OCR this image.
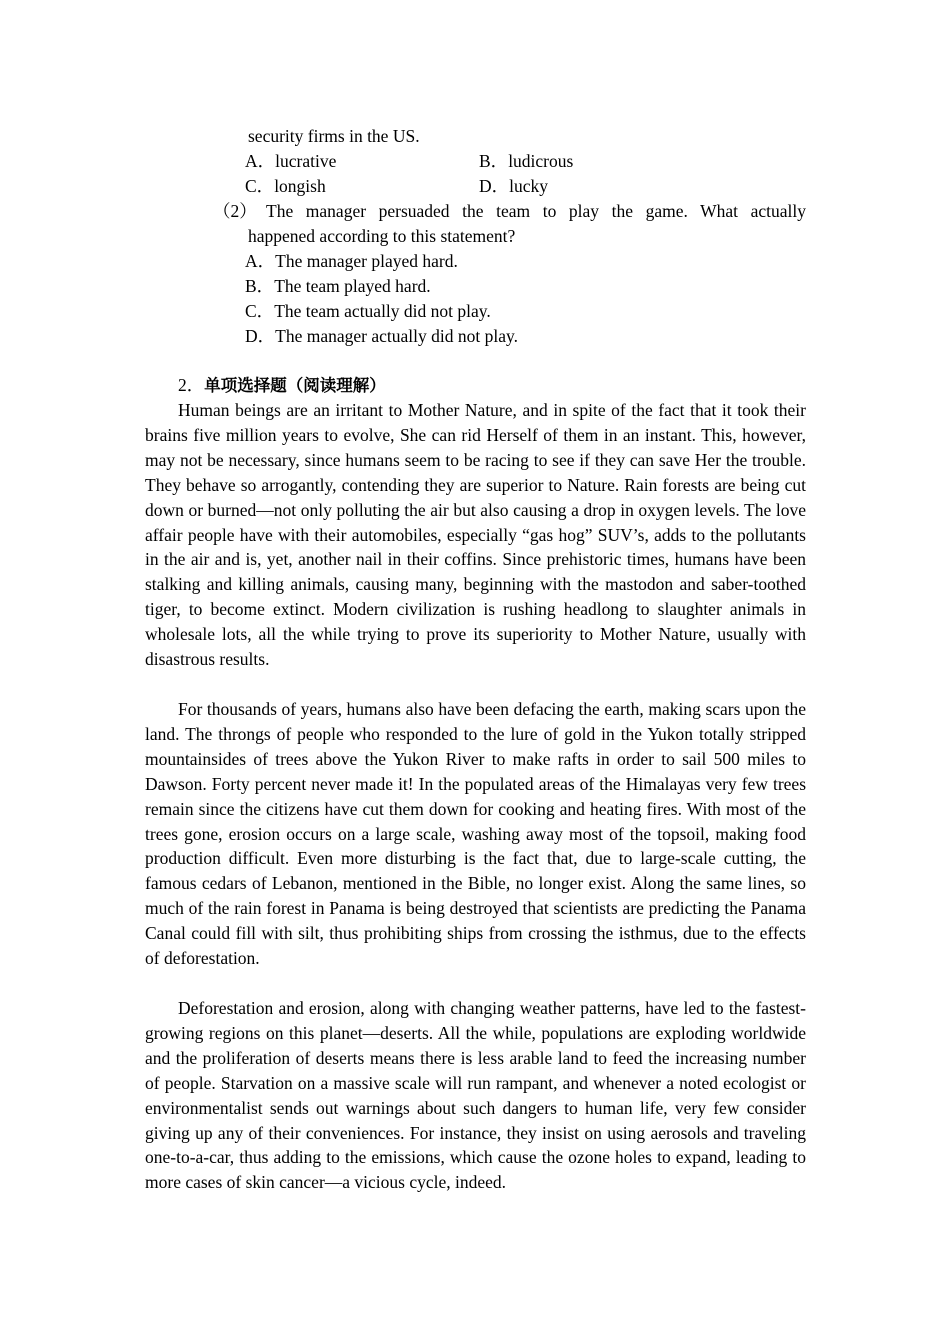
security firms in the US.
A．lucrative	B．ludicrous
C．longish	D．lucky
（2） The manager persuaded the team to play the game. What actually
happened according to this statement?
A．The manager played hard.
B．The team played hard.
C．The team actually did not play.
D．The manager actually did not play.
2．单项选择题（阅读理解）

Human beings are an irritant to Mother Nature, and in spite of the fact that it took their brains five million years to evolve, She can rid Herself of them in an instant. This, however, may not be necessary, since humans seem to be racing to see if they can save Her the trouble. They behave so arrogantly, contending they are superior to Nature. Rain forests are being cut down or burned—not only polluting the air but also causing a drop in oxygen levels. The love affair people have with their automobiles, especially “gas hog” SUV’s, adds to the pollutants in the air and is, yet, another nail in their coffins. Since prehistoric times, humans have been stalking and killing animals, causing many, beginning with the mastodon and saber-toothed tiger, to become extinct. Modern civilization is rushing headlong to slaughter animals in wholesale lots, all the while trying to prove its superiority to Mother Nature, usually with disastrous results.

For thousands of years, humans also have been defacing the earth, making scars upon the land. The throngs of people who responded to the lure of gold in the Yukon totally stripped mountainsides of trees above the Yukon River to make rafts in order to sail 500 miles to Dawson. Forty percent never made it! In the populated areas of the Himalayas very few trees remain since the citizens have cut them down for cooking and heating fires. With most of the trees gone, erosion occurs on a large scale, washing away most of the topsoil, making food production difficult. Even more disturbing is the fact that, due to large-scale cutting, the famous cedars of Lebanon, mentioned in the Bible, no longer exist. Along the same lines, so much of the rain forest in Panama is being destroyed that scientists are predicting the Panama Canal could fill with silt, thus prohibiting ships from crossing the isthmus, due to the effects of deforestation.

Deforestation and erosion, along with changing weather patterns, have led to the fastest-growing regions on this planet—deserts. All the while, populations are exploding worldwide and the proliferation of deserts means there is less arable land to feed the increasing number of people. Starvation on a massive scale will run rampant, and whenever a noted ecologist or environmentalist sends out warnings about such dangers to human life, very few consider giving up any of their conveniences. For instance, they insist on using aerosols and traveling one-to-a-car, thus adding to the emissions, which cause the ozone holes to expand, leading to more cases of skin cancer—a vicious cycle, indeed.
